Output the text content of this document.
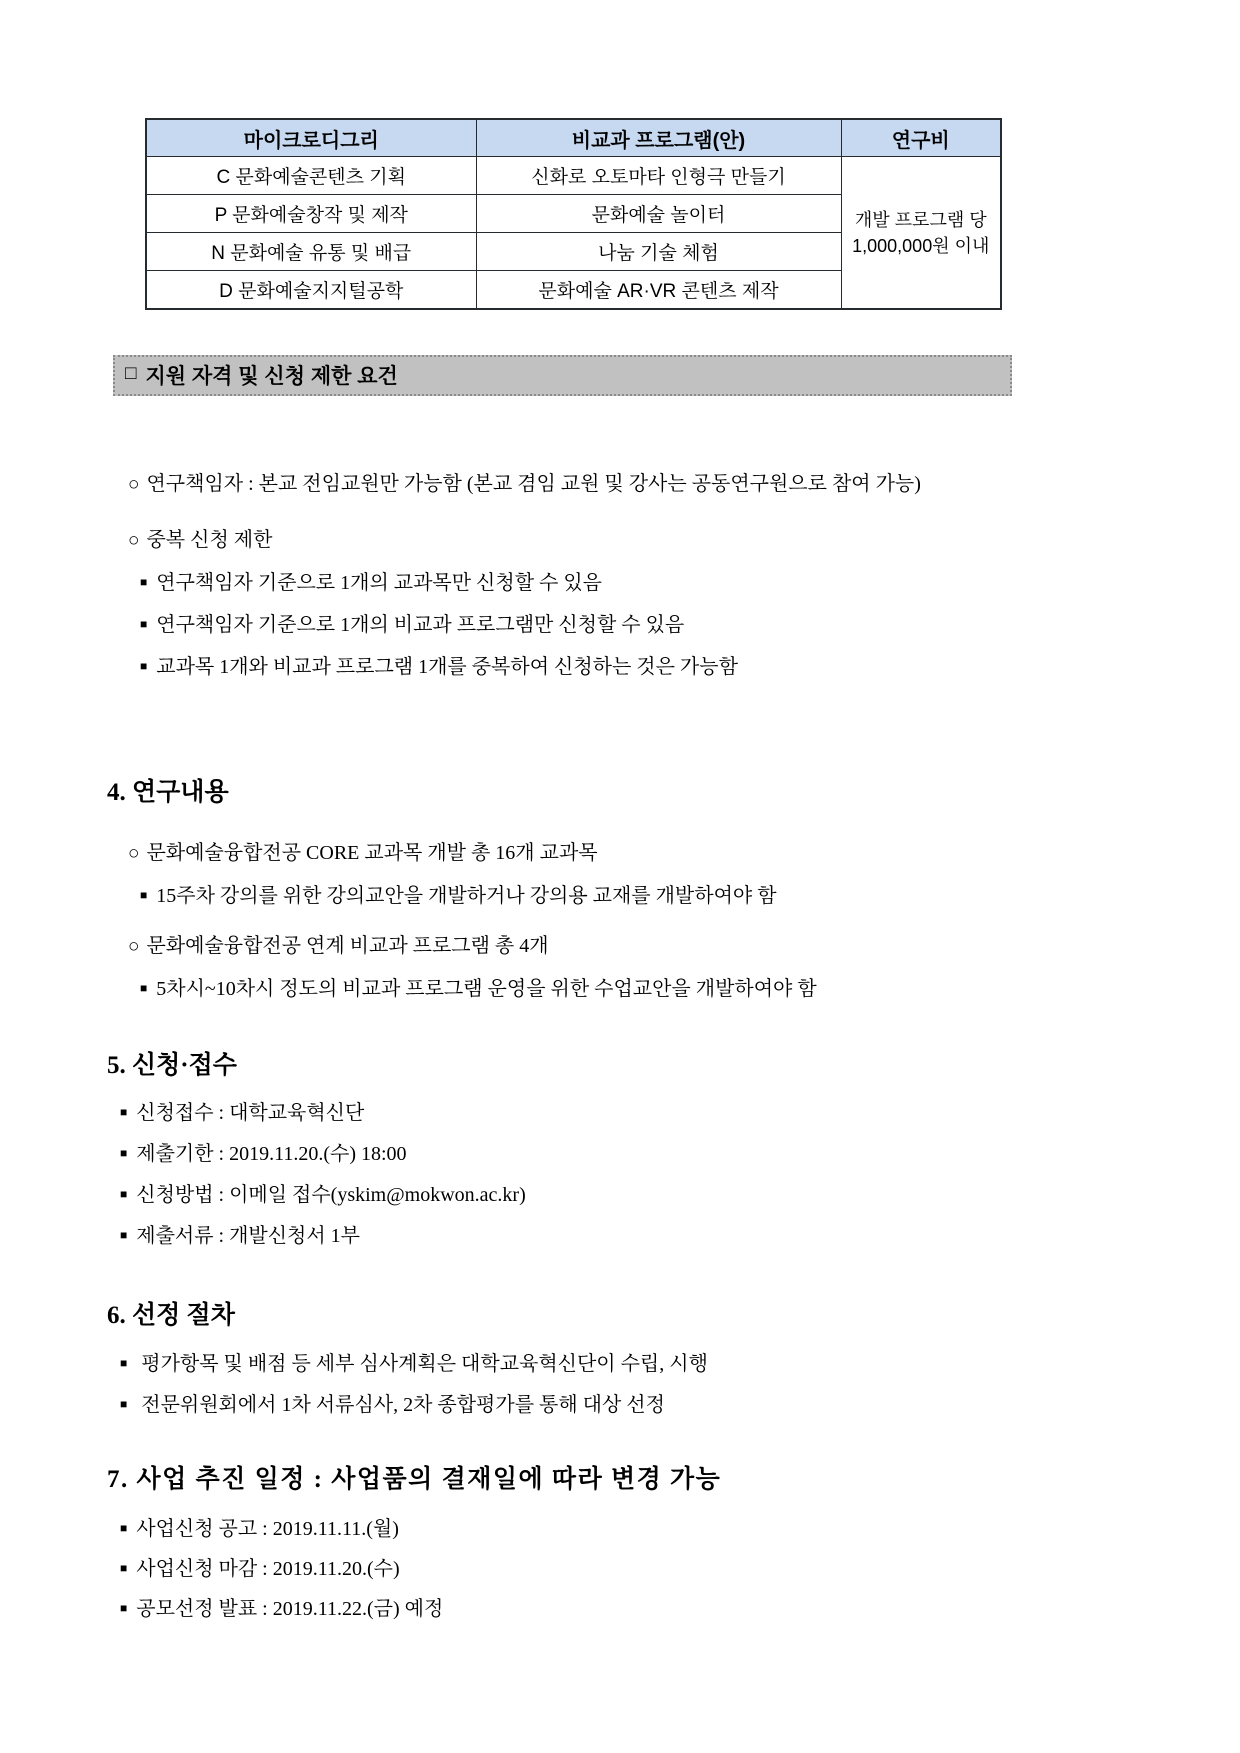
마이크로디그리	비교과 프로그램(안)	연구비
C 문화예술콘텐츠 기획	신화로 오토마타 인형극 만들기	개발 프로그램 당
1,000,000원 이내

P 문화예술창작 및 제작	문화예술 놀이터	
N 문화예술 유통 및 배급	나눔 기술 체험	
D 문화예술지지털공학	문화예술 AR·VR 콘텐츠 제작	
□ 지원 자격 및 신청 제한 요건
○ 연구책임자 : 본교 전임교원만 가능함 (본교 겸임 교원 및 강사는 공동연구원으로 참여 가능)
○ 중복 신청 제한
■ 연구책임자 기준으로 1개의 교과목만 신청할 수 있음
■ 연구책임자 기준으로 1개의 비교과 프로그램만 신청할 수 있음
■ 교과목 1개와 비교과 프로그램 1개를 중복하여 신청하는 것은 가능함
4. 연구내용
○ 문화예술융합전공 CORE 교과목 개발 총 16개 교과목
■ 15주차 강의를 위한 강의교안을 개발하거나 강의용 교재를 개발하여야 함
○ 문화예술융합전공 연계 비교과 프로그램 총 4개
■ 5차시~10차시 정도의 비교과 프로그램 운영을 위한 수업교안을 개발하여야 함
5. 신청·접수
■ 신청접수 : 대학교육혁신단
■ 제출기한 : 2019.11.20.(수) 18:00
■ 신청방법 : 이메일 접수(yskim@mokwon.ac.kr)
■ 제출서류 : 개발신청서 1부
6. 선정 절차
■ 평가항목 및 배점 등 세부 심사계획은 대학교육혁신단이 수립, 시행
■ 전문위원회에서 1차 서류심사, 2차 종합평가를 통해 대상 선정
7. 사업 추진 일정 : 사업품의 결재일에 따라 변경 가능
■ 사업신청 공고 : 2019.11.11.(월)
■ 사업신청 마감 : 2019.11.20.(수)
■ 공모선정 발표 : 2019.11.22.(금) 예정
